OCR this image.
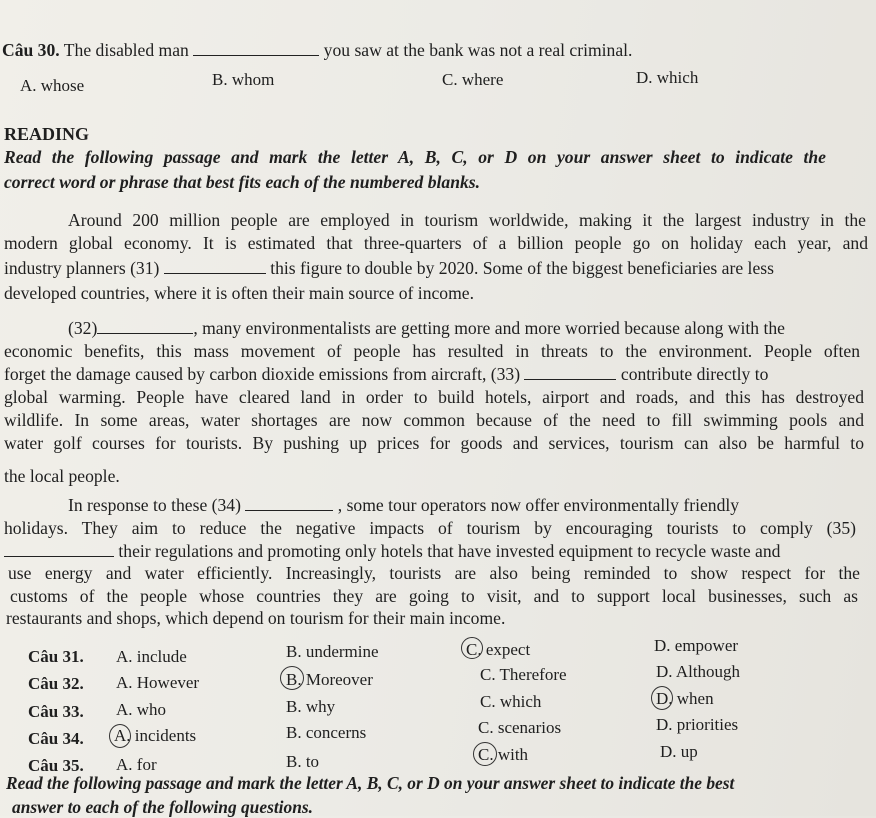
Câu 30. The disabled man	you saw at the bank was not a real criminal.
A. whose	B. whom	C. where	D. which
READING
Read the following passage and mark the letter A, B, C, or D on your answer sheet to indicate the
correct word or phrase that best fits each of the numbered blanks.
Around 200 million people are employed in tourism worldwide, making it the largest industry in the
modern global economy. It is estimated that three-quarters of a billion people go on holiday each year, and
industry planners (31)	this figure to double by 2020. Some of the biggest beneficiaries are less
developed countries, where it is often their main source of income.
(32)	, many environmentalists are getting more and more worried because along with the
economic benefits, this mass movement of people has resulted in threats to the environment. People often
forget the damage caused by carbon dioxide emissions from aircraft, (33)	contribute directly to
global warming. People have cleared land in order to build hotels, airport and roads, and this has destroyed
wildlife. In some areas, water shortages are now common because of the need to fill swimming pools and
water golf courses for tourists. By pushing up prices for goods and services, tourism can also be harmful to
the local people.
In response to these (34)	, some tour operators now offer environmentally friendly
holidays. They aim to reduce the negative impacts of tourism by encouraging tourists to comply (35)
their regulations and promoting only hotels that have invested equipment to recycle waste and
use energy and water efficiently. Increasingly, tourists are also being reminded to show respect for the
customs of the people whose countries they are going to visit, and to support local businesses, such as
restaurants and shops, which depend on tourism for their main income.
Câu 31. A. include	B. undermine	C. expect	D. empower
Câu 32. A. However	B. Moreover	C. Therefore	D. Although
Câu 33. A. who	B. why	C. which	D. when
Câu 34. A. incidents	B. concerns	C. scenarios	D. priorities
Câu 35. A. for	B. to	C. with	D. up
Read the following passage and mark the letter A, B, C, or D on your answer sheet to indicate the best
answer to each of the following questions.
